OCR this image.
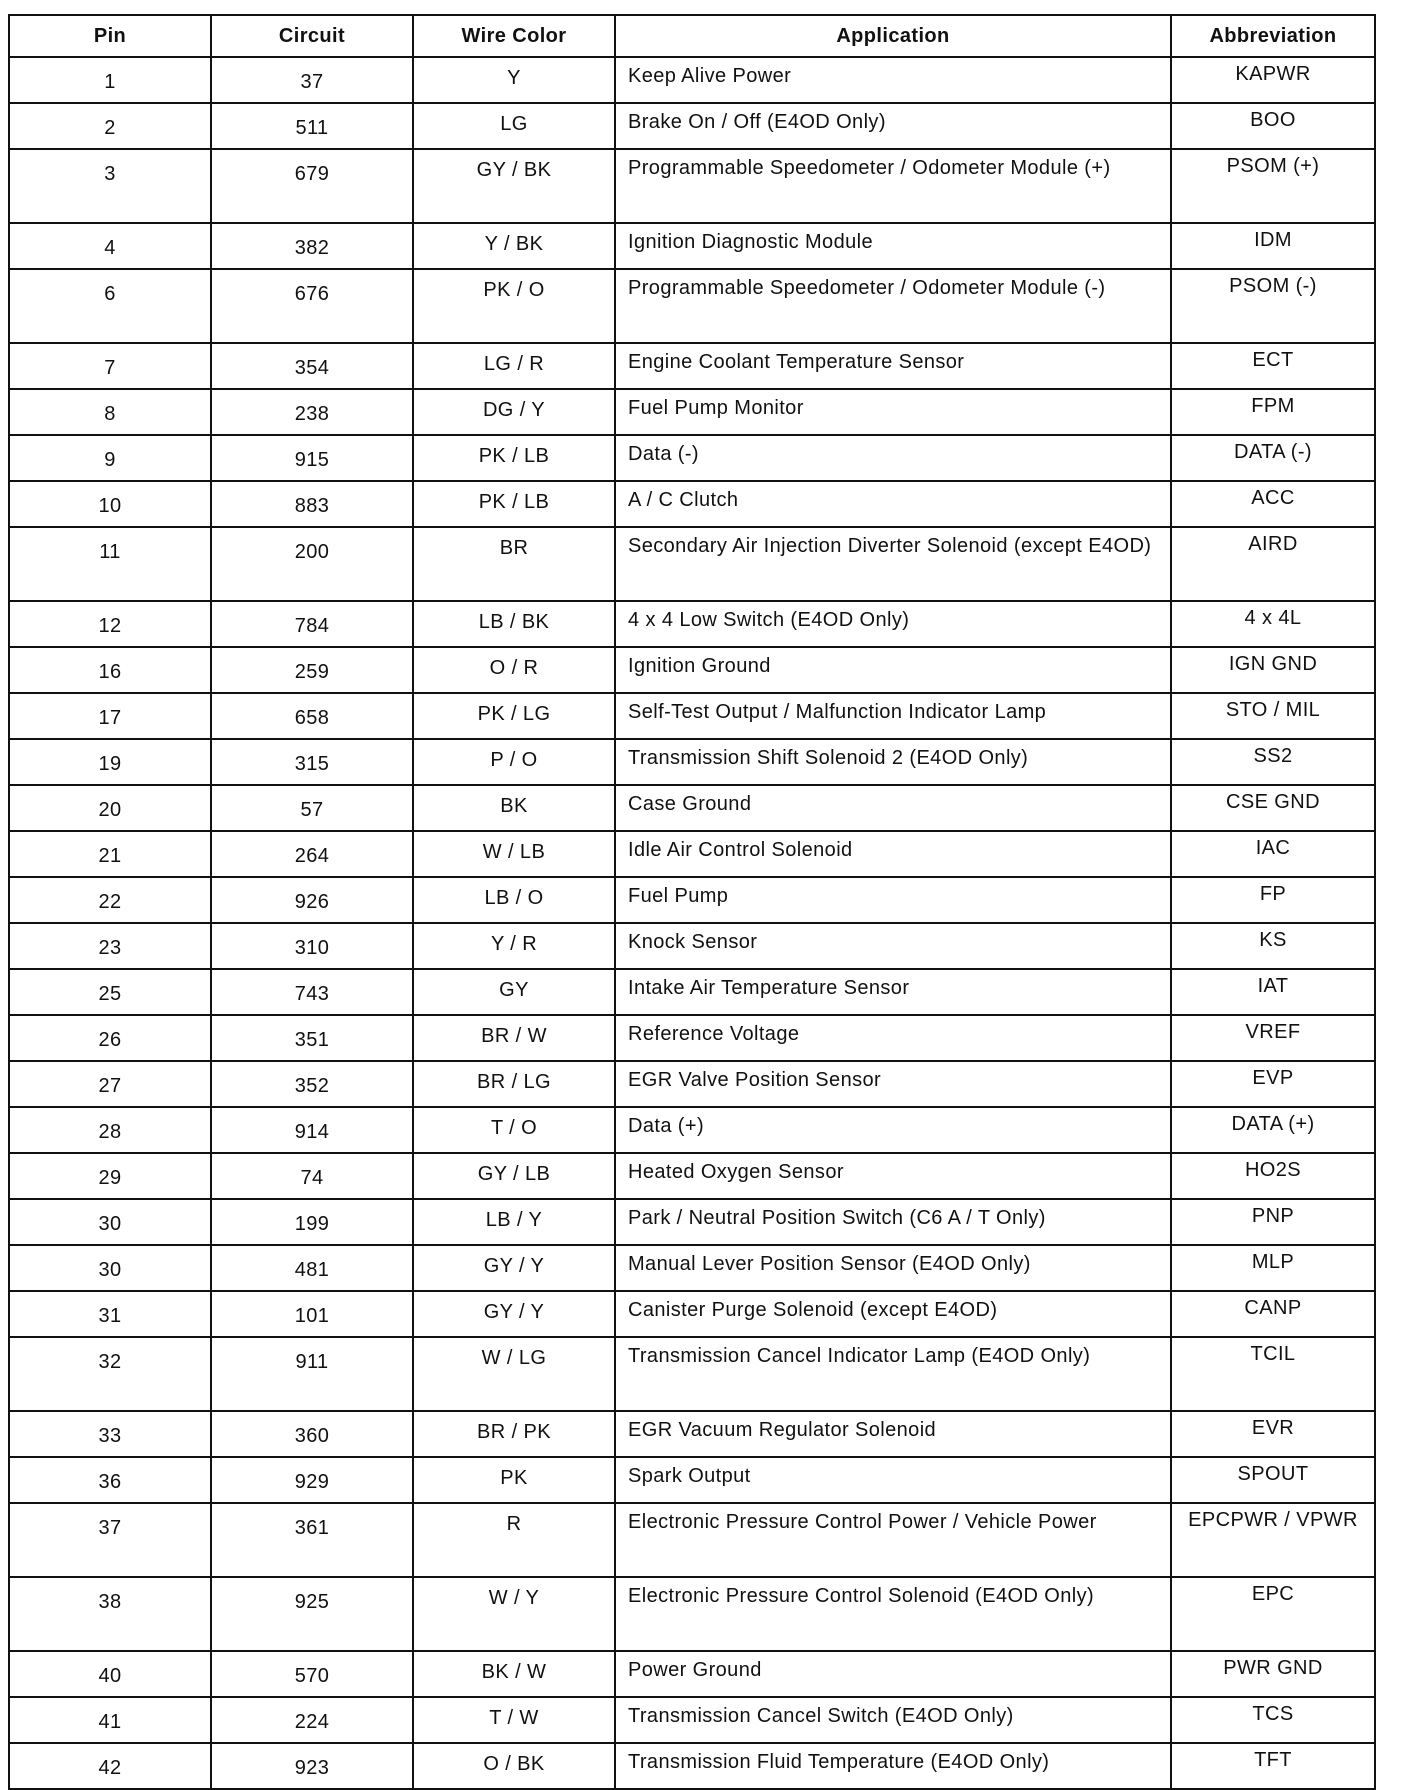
Pin	Circuit	Wire Color	Application	Abbreviation
1	37	Y	Keep Alive Power	KAPWR
2	511	LG	Brake On / Off (E4OD Only)	BOO
3	679	GY / BK	Programmable Speedometer / Odometer Module (+)	PSOM (+)
4	382	Y / BK	Ignition Diagnostic Module	IDM
6	676	PK / O	Programmable Speedometer / Odometer Module (-)	PSOM (-)
7	354	LG / R	Engine Coolant Temperature Sensor	ECT
8	238	DG / Y	Fuel Pump Monitor	FPM
9	915	PK / LB	Data (-)	DATA (-)
10	883	PK / LB	A / C Clutch	ACC
11	200	BR	Secondary Air Injection Diverter Solenoid (except E4OD)	AIRD
12	784	LB / BK	4 x 4 Low Switch (E4OD Only)	4 x 4L
16	259	O / R	Ignition Ground	IGN GND
17	658	PK / LG	Self-Test Output / Malfunction Indicator Lamp	STO / MIL
19	315	P / O	Transmission Shift Solenoid 2 (E4OD Only)	SS2
20	57	BK	Case Ground	CSE GND
21	264	W / LB	Idle Air Control Solenoid	IAC
22	926	LB / O	Fuel Pump	FP
23	310	Y / R	Knock Sensor	KS
25	743	GY	Intake Air Temperature Sensor	IAT
26	351	BR / W	Reference Voltage	VREF
27	352	BR / LG	EGR Valve Position Sensor	EVP
28	914	T / O	Data (+)	DATA (+)
29	74	GY / LB	Heated Oxygen Sensor	HO2S
30	199	LB / Y	Park / Neutral Position Switch (C6 A / T Only)	PNP
30	481	GY / Y	Manual Lever Position Sensor (E4OD Only)	MLP
31	101	GY / Y	Canister Purge Solenoid (except E4OD)	CANP
32	911	W / LG	Transmission Cancel Indicator Lamp (E4OD Only)	TCIL
33	360	BR / PK	EGR Vacuum Regulator Solenoid	EVR
36	929	PK	Spark Output	SPOUT
37	361	R	Electronic Pressure Control Power / Vehicle Power	EPCPWR / VPWR
38	925	W / Y	Electronic Pressure Control Solenoid (E4OD Only)	EPC
40	570	BK / W	Power Ground	PWR GND
41	224	T / W	Transmission Cancel Switch (E4OD Only)	TCS
42	923	O / BK	Transmission Fluid Temperature (E4OD Only)	TFT
